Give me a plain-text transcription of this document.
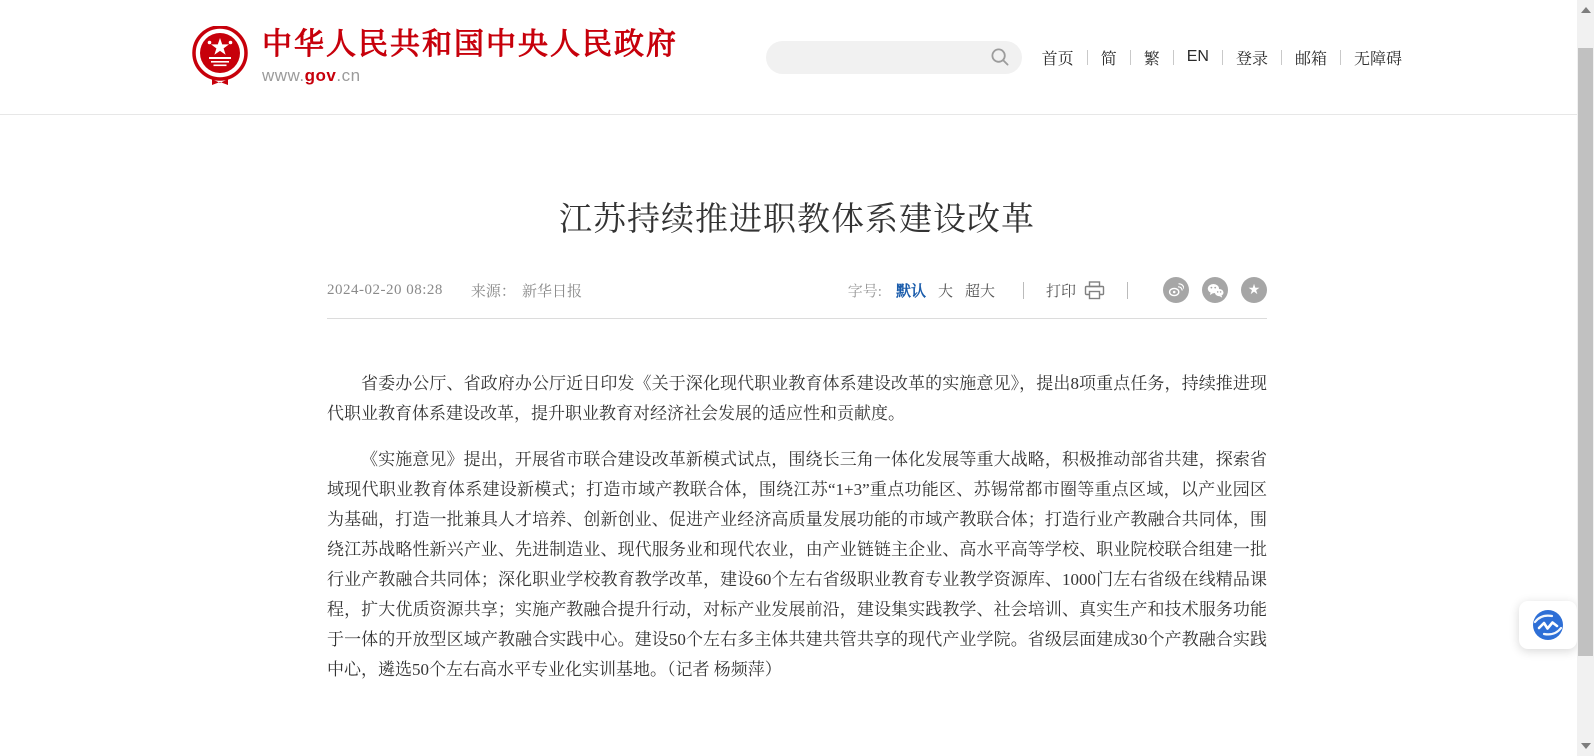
中华人民共和国中央人民政府
www.gov.cn
首页 简 繁 EN 登录 邮箱 无障碍
江苏持续推进职教体系建设改革
2024-02-20 08:28 来源： 新华日报	字号: 默认 大 超大	打印	★

省委办公厅、省政府办公厅近日印发《关于深化现代职业教育体系建设改革的实施意见》，提出8项重点任务，持续推进现代职业教育体系建设改革，提升职业教育对经济社会发展的适应性和贡献度。

《实施意见》提出，开展省市联合建设改革新模式试点，围绕长三角一体化发展等重大战略，积极推动部省共建，探索省域现代职业教育体系建设新模式；打造市域产教联合体，围绕江苏“1+3”重点功能区、苏锡常都市圈等重点区域，以产业园区为基础，打造一批兼具人才培养、创新创业、促进产业经济高质量发展功能的市域产教联合体；打造行业产教融合共同体，围绕江苏战略性新兴产业、先进制造业、现代服务业和现代农业，由产业链链主企业、高水平高等学校、职业院校联合组建一批行业产教融合共同体；深化职业学校教育教学改革，建设60个左右省级职业教育专业教学资源库、1000门左右省级在线精品课程，扩大优质资源共享；实施产教融合提升行动，对标产业发展前沿，建设集实践教学、社会培训、真实生产和技术服务功能于一体的开放型区域产教融合实践中心。建设50个左右多主体共建共管共享的现代产业学院。省级层面建成30个产教融合实践中心，遴选50个左右高水平专业化实训基地。（记者 杨频萍）
